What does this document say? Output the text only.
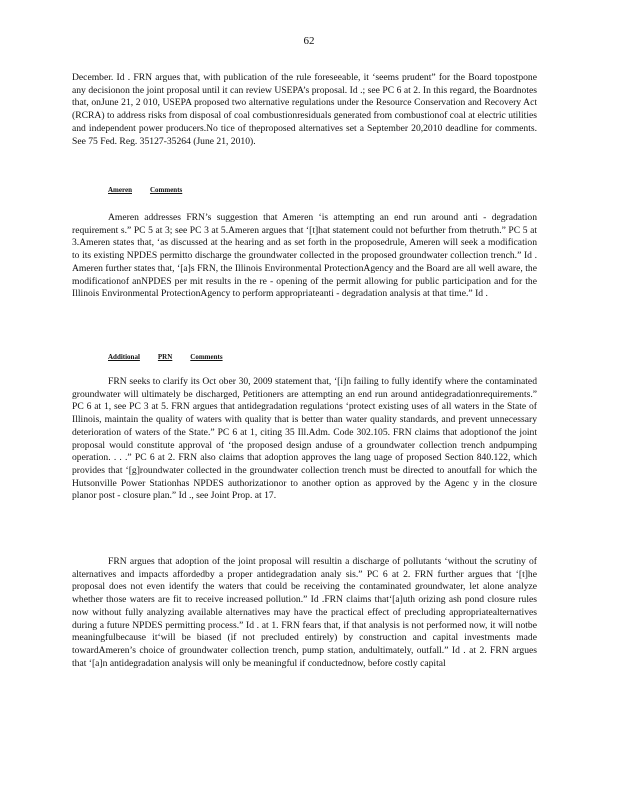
62

December. Id . FRN argues that, with publication of the rule foreseeable, it ‘seems prudent” for the Board topostpone any decisionon the joint proposal until it can review USEPA’s proposal. Id .; see PC 6 at 2. In this regard, the Boardnotes that, onJune 21, 2 010, USEPA proposed two alternative regulations under the Resource Conservation and Recovery Act (RCRA) to address risks from disposal of coal combustionresiduals generated from combustionof coal at electric utilities and independent power producers.No tice of theproposed alternatives set a September 20,2010 deadline for comments. See 75 Fed. Reg. 35127-35264 (June 21, 2010).

Ameren	Comments

Ameren addresses FRN’s suggestion that Ameren ‘is attempting an end run around anti - degradation requirement s.” PC 5 at 3; see PC 3 at 5.Ameren argues that ‘[t]hat statement could not befurther from thetruth.” PC 5 at 3.Ameren states that, ‘as discussed at the hearing and as set forth in the proposedrule, Ameren will seek a modification to its existing NPDES permitto discharge the groundwater collected in the proposed groundwater collection trench.” Id . Ameren further states that, ‘[a]s FRN, the Illinois Environmental ProtectionAgency and the Board are all well aware, the modificationof anNPDES per mit results in the re - opening of the permit allowing for public participation and for the Illinois Environmental ProtectionAgency to perform appropriateanti - degradation analysis at that time.” Id .

Additional	PRN	Comments

FRN seeks to clarify its Oct ober 30, 2009 statement that, ‘[i]n failing to fully identify where the contaminated groundwater will ultimately be discharged, Petitioners are attempting an end run around antidegradationrequirements.” PC 6 at 1, see PC 3 at 5. FRN argues that antidegradation regulations ‘protect existing uses of all waters in the State of Illinois, maintain the quality of waters with quality that is better than water quality standards, and prevent unnecessary deterioration of waters of the State.” PC 6 at 1, citing 35 Ill.Adm. Code 302.105. FRN claims that adoptionof the joint proposal would constitute approval of ‘the proposed design anduse of a groundwater collection trench andpumping operation. . . .” PC 6 at 2. FRN also claims that adoption approves the lang uage of proposed Section 840.122, which provides that ‘[g]roundwater collected in the groundwater collection trench must be directed to anoutfall for which the Hutsonville Power Stationhas NPDES authorizationor to another option as approved by the Agenc y in the closure planor post - closure plan.” Id ., see Joint Prop. at 17.

FRN argues that adoption of the joint proposal will resultin a discharge of pollutants ‘without the scrutiny of alternatives and impacts affordedby a proper antidegradation analy sis.” PC 6 at 2. FRN further argues that ‘[t]he proposal does not even identify the waters that could be receiving the contaminated groundwater, let alone analyze whether those waters are fit to receive increased pollution.” Id .FRN claims that‘[a]uth orizing ash pond closure rules now without fully analyzing available alternatives may have the practical effect of precluding appropriatealternatives during a future NPDES permitting process.” Id . at 1. FRN fears that, if that analysis is not performed now, it will notbe meaningfulbecause it‘will be biased (if not precluded entirely) by construction and capital investments made towardAmeren’s choice of groundwater collection trench, pump station, andultimately, outfall.” Id . at 2. FRN argues that ‘[a]n antidegradation analysis will only be meaningful if conductednow, before costly capital
